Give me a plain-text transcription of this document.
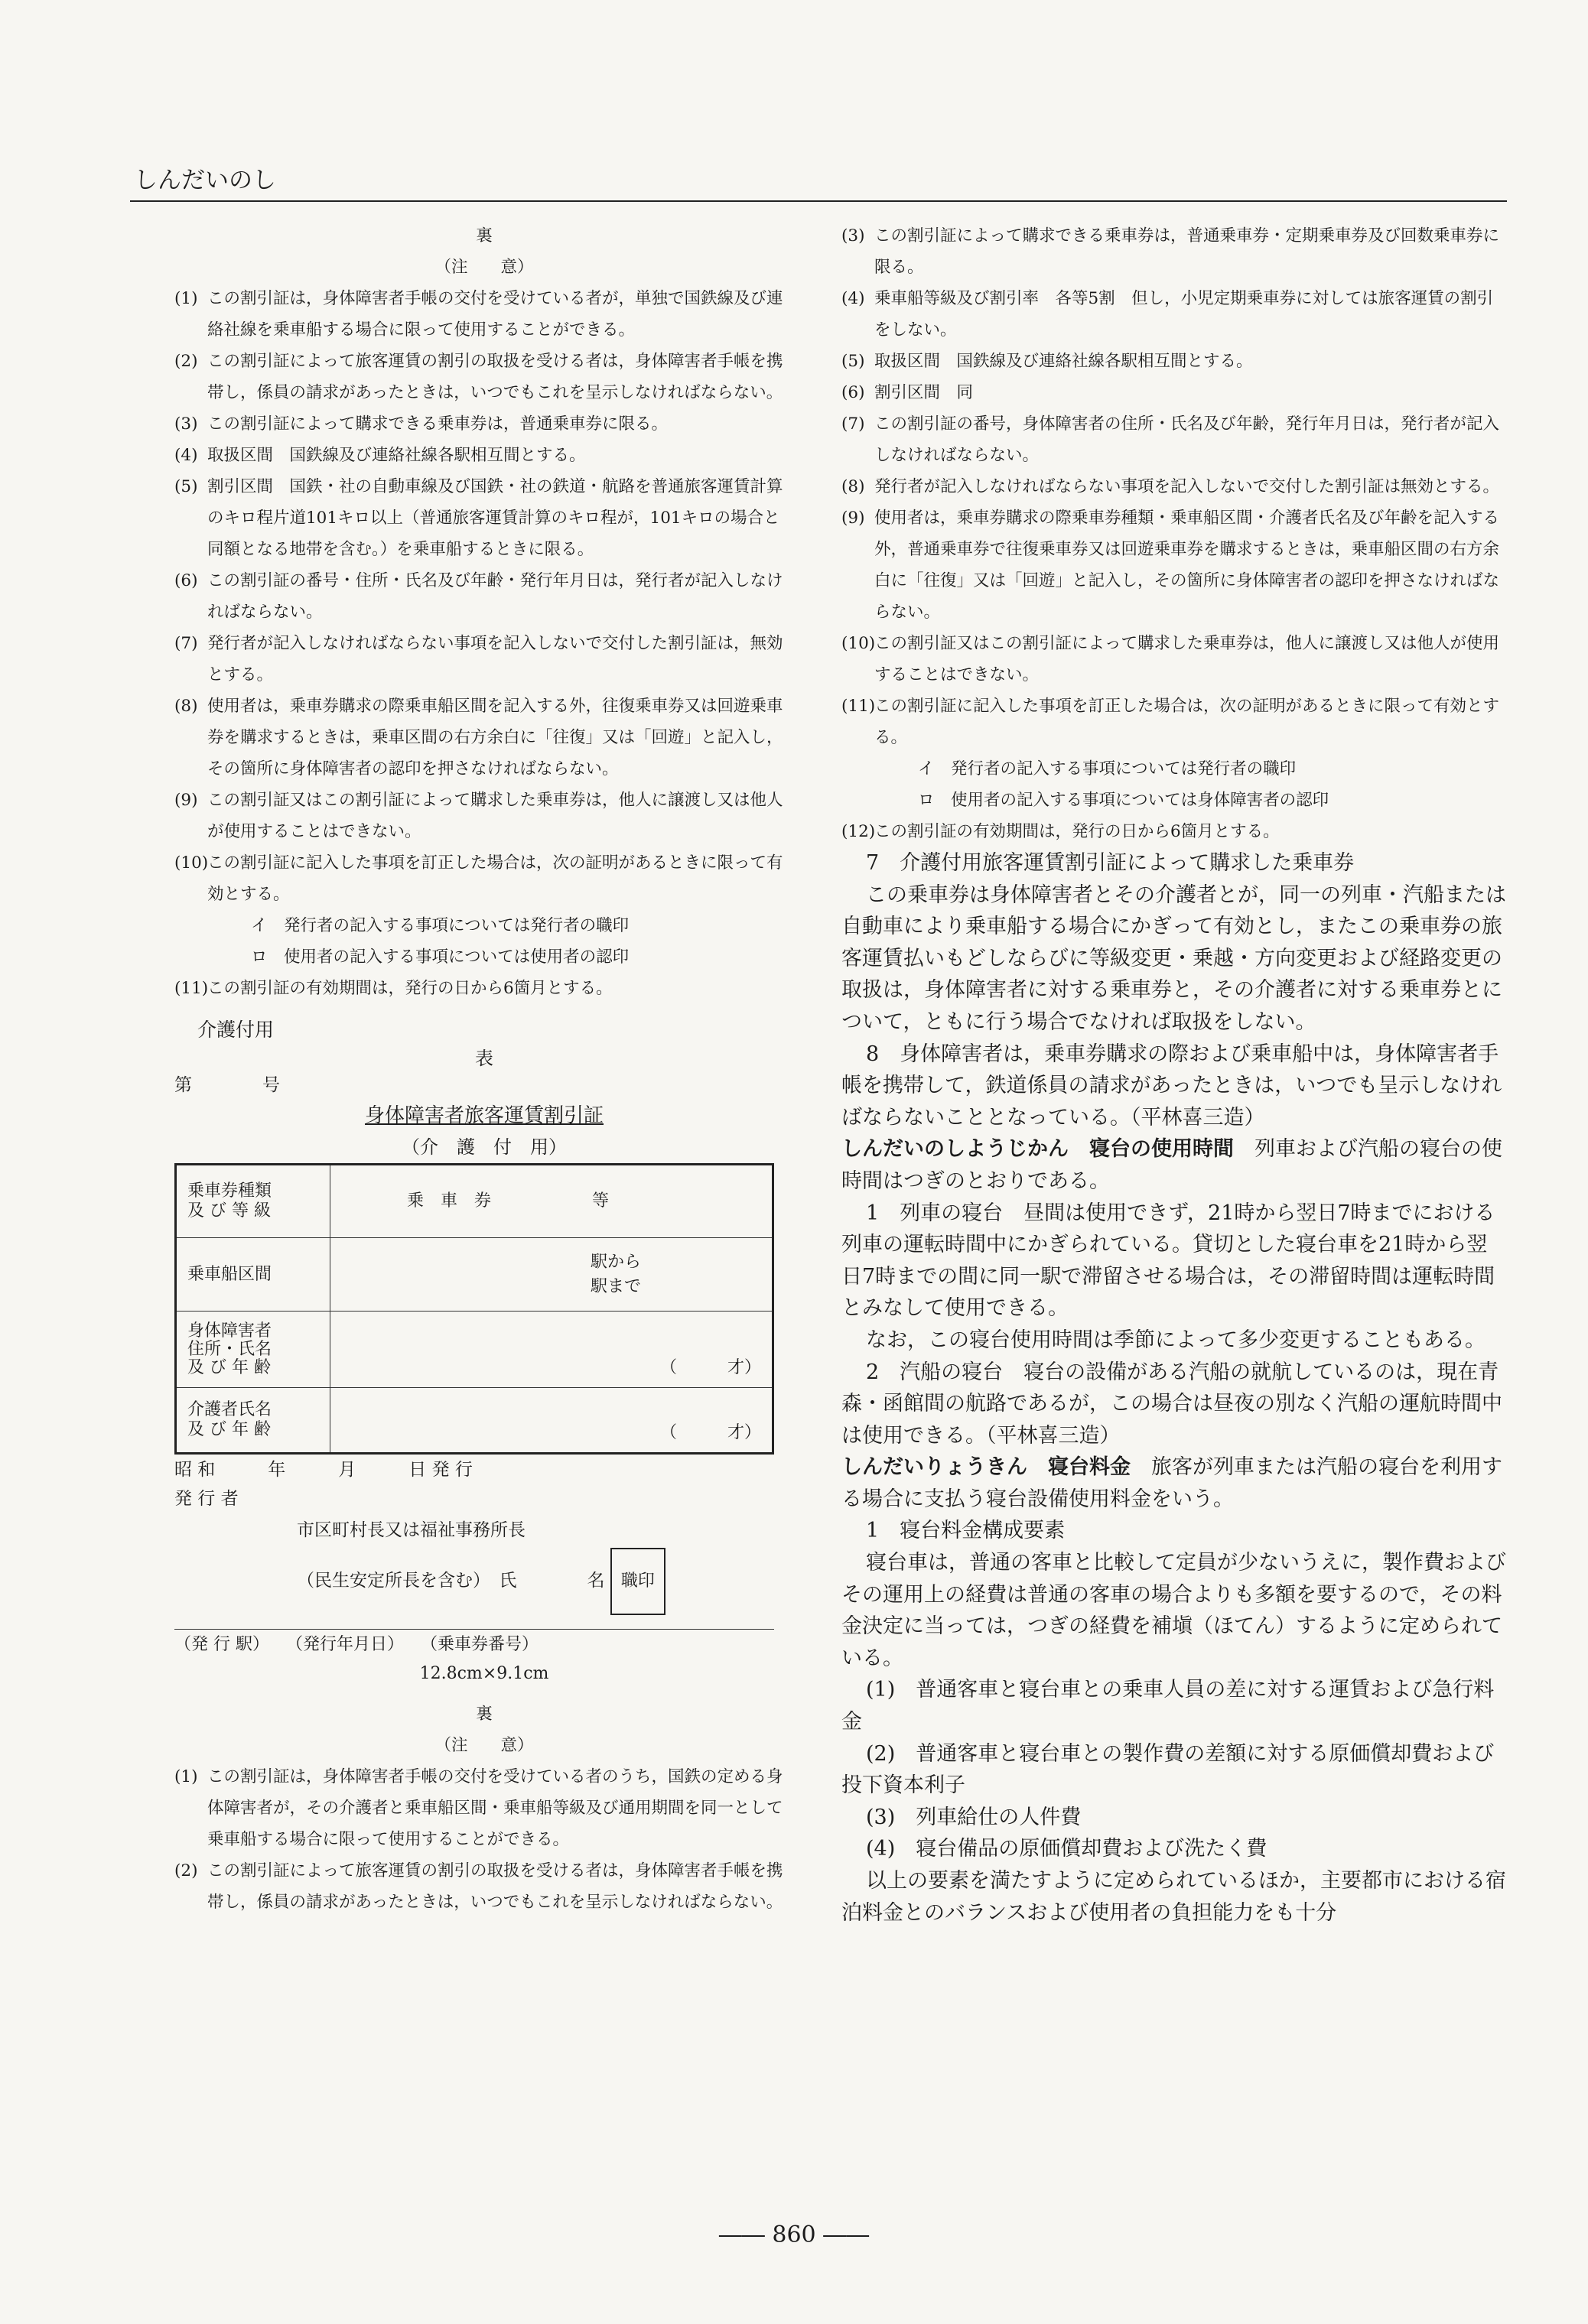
しんだいのし
裏
（注　　意）
(1) この割引証は，身体障害者手帳の交付を受けている者が，単独で国鉄線及び連絡社線を乗車船する場合に限って使用することができる。
(2) この割引証によって旅客運賃の割引の取扱を受ける者は，身体障害者手帳を携帯し，係員の請求があったときは，いつでもこれを呈示しなければならない。
(3) この割引証によって購求できる乗車券は，普通乗車券に限る。
(4) 取扱区間　国鉄線及び連絡社線各駅相互間とする。
(5) 割引区間　国鉄・社の自動車線及び国鉄・社の鉄道・航路を普通旅客運賃計算のキロ程片道101キロ以上（普通旅客運賃計算のキロ程が，101キロの場合と同額となる地帯を含む。）を乗車船するときに限る。
(6) この割引証の番号・住所・氏名及び年齢・発行年月日は，発行者が記入しなければならない。
(7) 発行者が記入しなければならない事項を記入しないで交付した割引証は，無効とする。
(8) 使用者は，乗車券購求の際乗車船区間を記入する外，往復乗車券又は回遊乗車券を購求するときは，乗車区間の右方余白に「往復」又は「回遊」と記入し，その箇所に身体障害者の認印を押さなければならない。
(9) この割引証又はこの割引証によって購求した乗車券は，他人に譲渡し又は他人が使用することはできない。
(10)この割引証に記入した事項を訂正した場合は，次の証明があるときに限って有効とする。
イ　発行者の記入する事項については発行者の職印
ロ　使用者の記入する事項については使用者の認印
(11)この割引証の有効期間は，発行の日から6箇月とする。
介護付用
表
第　　　　号
身体障害者旅客運賃割引証
（介　護　付　用）
乗車券種類
及 び 等 級	乗　車　券　　　　　　等
乗車船区間	駅から
駅まで
身体障害者
住所・氏名
及 び 年 齢	（　　　才）
介護者氏名
及 び 年 齢	（　　　才）
昭 和　　　年　　　月　　　日 発 行
発 行 者
市区町村長又は福祉事務所長
（民生安定所長を含む）　氏　　　　名 職印
（発 行 駅）　　（発行年月日）　　（乗車券番号）
12.8cm×9.1cm
裏
（注　　意）
(1) この割引証は，身体障害者手帳の交付を受けている者のうち，国鉄の定める身体障害者が，その介護者と乗車船区間・乗車船等級及び通用期間を同一として乗車船する場合に限って使用することができる。
(2) この割引証によって旅客運賃の割引の取扱を受ける者は，身体障害者手帳を携帯し，係員の請求があったときは，いつでもこれを呈示しなければならない。
(3) この割引証によって購求できる乗車券は，普通乗車券・定期乗車券及び回数乗車券に限る。
(4) 乗車船等級及び割引率　各等5割　但し，小児定期乗車券に対しては旅客運賃の割引をしない。
(5) 取扱区間　国鉄線及び連絡社線各駅相互間とする。
(6) 割引区間　同
(7) この割引証の番号，身体障害者の住所・氏名及び年齢，発行年月日は，発行者が記入しなければならない。
(8) 発行者が記入しなければならない事項を記入しないで交付した割引証は無効とする。
(9) 使用者は，乗車券購求の際乗車券種類・乗車船区間・介護者氏名及び年齢を記入する外，普通乗車券で往復乗車券又は回遊乗車券を購求するときは，乗車船区間の右方余白に「往復」又は「回遊」と記入し，その箇所に身体障害者の認印を押さなければならない。
(10)この割引証又はこの割引証によって購求した乗車券は，他人に譲渡し又は他人が使用することはできない。
(11)この割引証に記入した事項を訂正した場合は，次の証明があるときに限って有効とする。
イ　発行者の記入する事項については発行者の職印
ロ　使用者の記入する事項については身体障害者の認印
(12)この割引証の有効期間は，発行の日から6箇月とする。
7　介護付用旅客運賃割引証によって購求した乗車券
この乗車券は身体障害者とその介護者とが，同一の列車・汽船または自動車により乗車船する場合にかぎって有効とし，またこの乗車券の旅客運賃払いもどしならびに等級変更・乗越・方向変更および経路変更の取扱は，身体障害者に対する乗車券と，その介護者に対する乗車券とについて，ともに行う場合でなければ取扱をしない。
8　身体障害者は，乗車券購求の際および乗車船中は，身体障害者手帳を携帯して，鉄道係員の請求があったときは，いつでも呈示しなければならないこととなっている。（平林喜三造）
しんだいのしようじかん　寝台の使用時間　 列車および汽船の寝台の使時間はつぎのとおりである。
1　列車の寝台　昼間は使用できず，21時から翌日7時までにおける列車の運転時間中にかぎられている。貸切とした寝台車を21時から翌日7時までの間に同一駅で滞留させる場合は，その滞留時間は運転時間とみなして使用できる。
なお，この寝台使用時間は季節によって多少変更することもある。
2　汽船の寝台　寝台の設備がある汽船の就航しているのは，現在青森・函館間の航路であるが，この場合は昼夜の別なく汽船の運航時間中は使用できる。（平林喜三造）
しんだいりょうきん　寝台料金　 旅客が列車または汽船の寝台を利用する場合に支払う寝台設備使用料金をいう。
1　寝台料金構成要素
寝台車は，普通の客車と比較して定員が少ないうえに，製作費およびその運用上の経費は普通の客車の場合よりも多額を要するので，その料金決定に当っては，つぎの経費を補塡（ほてん）するように定められている。
(1)　普通客車と寝台車との乗車人員の差に対する運賃および急行料金
(2)　普通客車と寝台車との製作費の差額に対する原価償却費および投下資本利子
(3)　列車給仕の人件費
(4)　寝台備品の原価償却費および洗たく費
以上の要素を満たすように定められているほか，主要都市における宿泊料金とのバランスおよび使用者の負担能力をも十分
―― 860 ――
